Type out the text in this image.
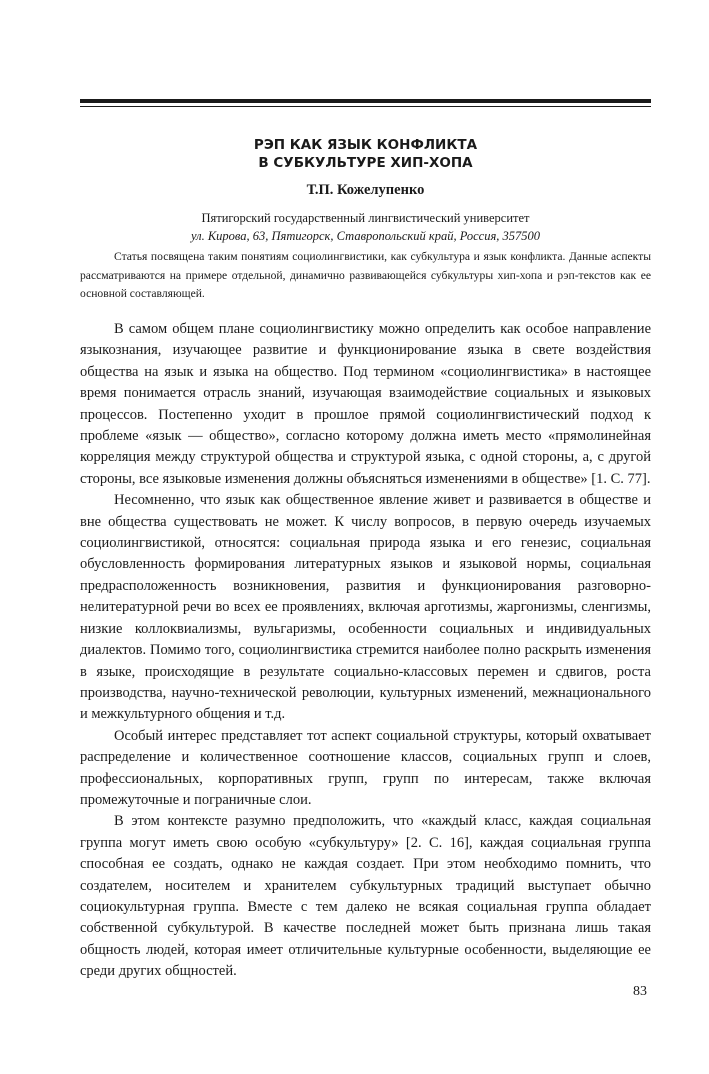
РЭП КАК ЯЗЫК КОНФЛИКТА
В СУБКУЛЬТУРЕ ХИП-ХОПА

Т.П. Кожелупенко

Пятигорский государственный лингвистический университет
ул. Кирова, 63, Пятигорск, Ставропольский край, Россия, 357500

Статья посвящена таким понятиям социолингвистики, как субкультура и язык конфликта. Данные аспекты рассматриваются на примере отдельной, динамично развивающейся субкультуры хип-хопа и рэп-текстов как ее основной составляющей.

В самом общем плане социолингвистику можно определить как особое направление языкознания, изучающее развитие и функционирование языка в свете воздействия общества на язык и языка на общество. Под термином «социолингвистика» в настоящее время понимается отрасль знаний, изучающая взаимодействие социальных и языковых процессов. Постепенно уходит в прошлое прямой социолингвистический подход к проблеме «язык — общество», согласно которому должна иметь место «прямолинейная корреляция между структурой общества и структурой языка, с одной стороны, а, с другой стороны, все языковые изменения должны объясняться изменениями в обществе» [1. С. 77].

Несомненно, что язык как общественное явление живет и развивается в обществе и вне общества существовать не может. К числу вопросов, в первую очередь изучаемых социолингвистикой, относятся: социальная природа языка и его генезис, социальная обусловленность формирования литературных языков и языковой нормы, социальная предрасположенность возникновения, развития и функционирования разговорно-нелитературной речи во всех ее проявлениях, включая арготизмы, жаргонизмы, сленгизмы, низкие коллоквиализмы, вульгаризмы, особенности социальных и индивидуальных диалектов. Помимо того, социолингвистика стремится наиболее полно раскрыть изменения в языке, происходящие в результате социально-классовых перемен и сдвигов, роста производства, научно-технической революции, культурных изменений, межнационального и межкультурного общения и т.д.

Особый интерес представляет тот аспект социальной структуры, который охватывает распределение и количественное соотношение классов, социальных групп и слоев, профессиональных, корпоративных групп, групп по интересам, также включая промежуточные и пограничные слои.

В этом контексте разумно предположить, что «каждый класс, каждая социальная группа могут иметь свою особую «субкультуру» [2. С. 16], каждая социальная группа способная ее создать, однако не каждая создает. При этом необходимо помнить, что создателем, носителем и хранителем субкультурных традиций выступает обычно социокультурная группа. Вместе с тем далеко не всякая социальная группа обладает собственной субкультурой. В качестве последней может быть признана лишь такая общность людей, которая имеет отличительные культурные особенности, выделяющие ее среди других общностей.

83
